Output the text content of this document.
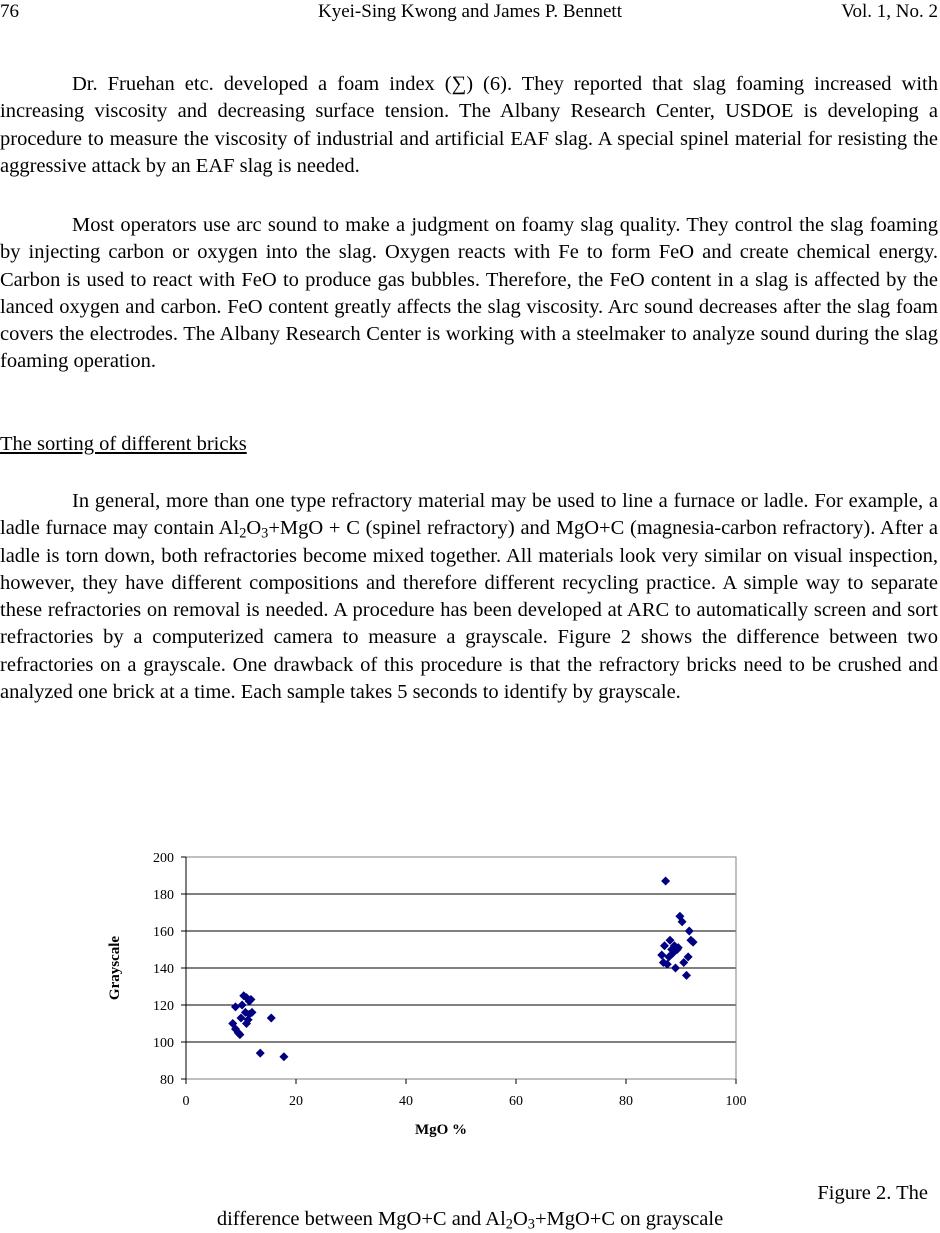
Kyei-Sing Kwong and James P. Bennett
76	Vol. 1, No. 2

Dr. Fruehan etc. developed a foam index (∑) (6). They reported that slag foaming increased with increasing viscosity and decreasing surface tension. The Albany Research Center, USDOE is developing a procedure to measure the viscosity of industrial and artificial EAF slag. A special spinel material for resisting the aggressive attack by an EAF slag is needed.

Most operators use arc sound to make a judgment on foamy slag quality. They control the slag foaming by injecting carbon or oxygen into the slag. Oxygen reacts with Fe to form FeO and create chemical energy. Carbon is used to react with FeO to produce gas bubbles. Therefore, the FeO content in a slag is affected by the lanced oxygen and carbon. FeO content greatly affects the slag viscosity. Arc sound decreases after the slag foam covers the electrodes. The Albany Research Center is working with a steelmaker to analyze sound during the slag foaming operation.

The sorting of different bricks

In general, more than one type refractory material may be used to line a furnace or ladle. For example, a ladle furnace may contain $Al_2O_3+MgO + C$ (spinel refractory) and MgO+C (magnesia-carbon refractory). After a ladle is torn down, both refractories become mixed together. All materials look very similar on visual inspection, however, they have different compositions and therefore different recycling practice. A simple way to separate these refractories on removal is needed. A procedure has been developed at ARC to automatically screen and sort refractories by a computerized camera to measure a grayscale. Figure 2 shows the difference between two refractories on a grayscale. One drawback of this procedure is that the refractory bricks need to be crushed and analyzed one brick at a time. Each sample takes 5 seconds to identify by grayscale.

80
100
120
140
160
180
200
0	20	40	60	80	100
Grayscale
MgO %
Figure 2. The
difference between MgO+C and $Al_2O_3+MgO+C$ on grayscale
